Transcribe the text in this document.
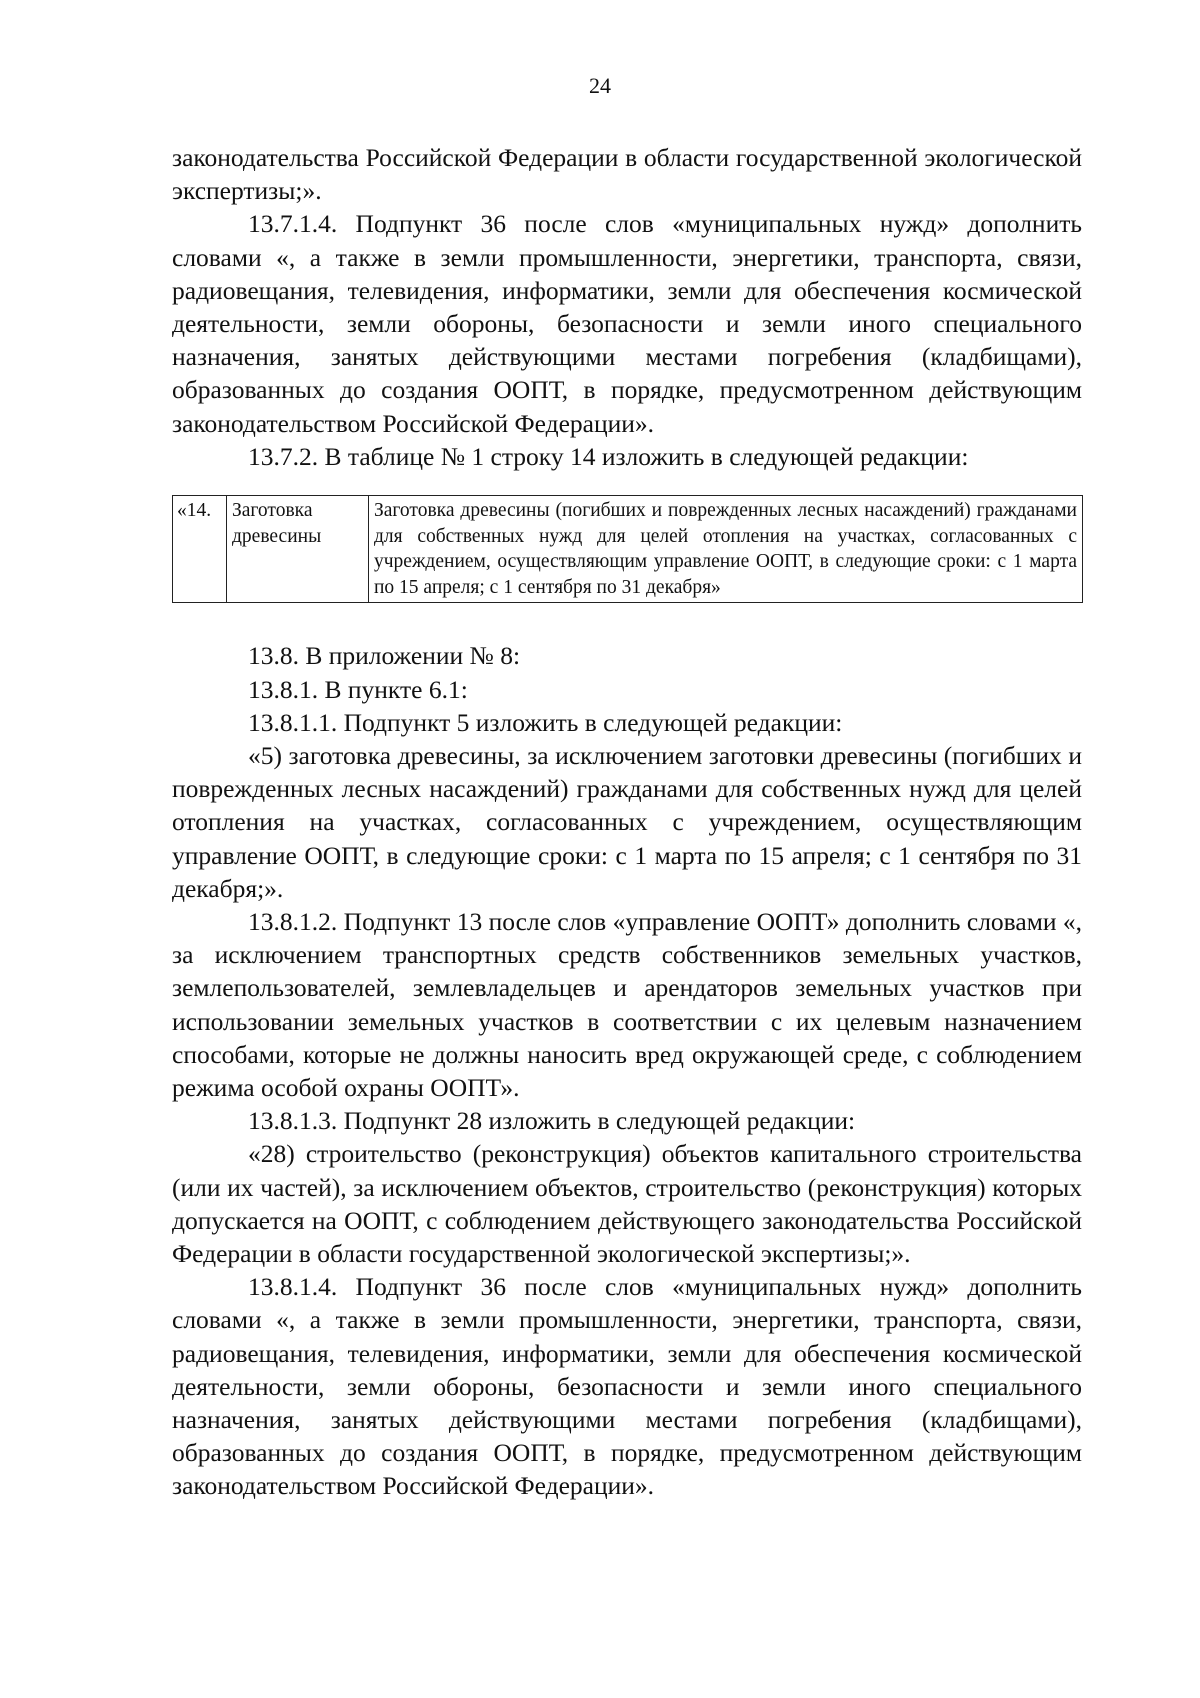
24

законодательства Российской Федерации в области государственной экологической экспертизы;».

13.7.1.4. Подпункт 36 после слов «муниципальных нужд» дополнить словами «, а также в земли промышленности, энергетики, транспорта, связи, радиовещания, телевидения, информатики, земли для обеспечения космической деятельности, земли обороны, безопасности и земли иного специального назначения, занятых действующими местами погребения (кладбищами), образованных до создания ООПТ, в порядке, предусмотренном действующим законодательством Российской Федерации».

13.7.2. В таблице № 1 строку 14 изложить в следующей редакции:

«14.	Заготовка древесины	Заготовка древесины (погибших и поврежденных лесных насаждений) гражданами для собственных нужд для целей отопления на участках, согласованных с учреждением, осуществляющим управление ООПТ, в следующие сроки: с 1 марта по 15 апреля; с 1 сентября по 31 декабря»

13.8. В приложении № 8:

13.8.1. В пункте 6.1:

13.8.1.1. Подпункт 5 изложить в следующей редакции:

«5) заготовка древесины, за исключением заготовки древесины (погибших и поврежденных лесных насаждений) гражданами для собственных нужд для целей отопления на участках, согласованных с учреждением, осуществляющим управление ООПТ, в следующие сроки: с 1 марта по 15 апреля; с 1 сентября по 31 декабря;».

13.8.1.2. Подпункт 13 после слов «управление ООПТ» дополнить словами «, за исключением транспортных средств собственников земельных участков, землепользователей, землевладельцев и арендаторов земельных участков при использовании земельных участков в соответствии с их целевым назначением способами, которые не должны наносить вред окружающей среде, с соблюдением режима особой охраны ООПТ».

13.8.1.3. Подпункт 28 изложить в следующей редакции:

«28) строительство (реконструкция) объектов капитального строительства (или их частей), за исключением объектов, строительство (реконструкция) которых допускается на ООПТ, с соблюдением действующего законодательства Российской Федерации в области государственной экологической экспертизы;».

13.8.1.4. Подпункт 36 после слов «муниципальных нужд» дополнить словами «, а также в земли промышленности, энергетики, транспорта, связи, радиовещания, телевидения, информатики, земли для обеспечения космической деятельности, земли обороны, безопасности и земли иного специального назначения, занятых действующими местами погребения (кладбищами), образованных до создания ООПТ, в порядке, предусмотренном действующим законодательством Российской Федерации».
